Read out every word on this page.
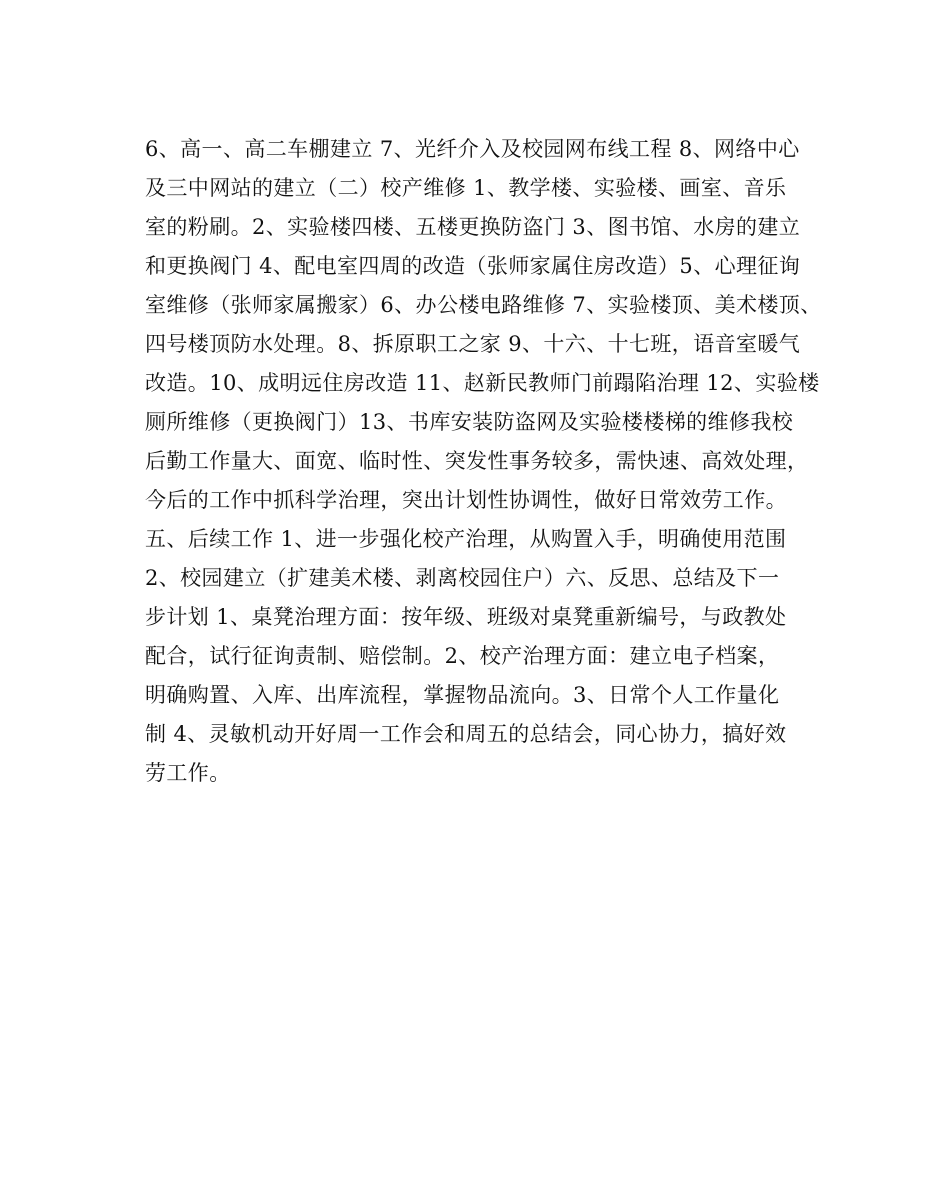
6、高一、高二车棚建立 7、光纤介入及校园网布线工程 8、网络中心
及三中网站的建立（二）校产维修 1、教学楼、实验楼、画室、音乐
室的粉刷。2、实验楼四楼、五楼更换防盗门 3、图书馆、水房的建立
和更换阀门 4、配电室四周的改造（张师家属住房改造）5、心理征询
室维修（张师家属搬家）6、办公楼电路维修 7、实验楼顶、美术楼顶、
四号楼顶防水处理。8、拆原职工之家 9、十六、十七班，语音室暖气
改造。10、成明远住房改造 11、赵新民教师门前蹋陷治理 12、实验楼
厕所维修（更换阀门）13、书库安装防盗网及实验楼楼梯的维修我校
后勤工作量大、面宽、临时性、突发性事务较多，需快速、高效处理，
今后的工作中抓科学治理，突出计划性协调性，做好日常效劳工作。
五、后续工作 1、进一步强化校产治理，从购置入手，明确使用范围
2、校园建立（扩建美术楼、剥离校园住户）六、反思、总结及下一
步计划 1、桌凳治理方面：按年级、班级对桌凳重新编号，与政教处
配合，试行征询责制、赔偿制。2、校产治理方面：建立电子档案，
明确购置、入库、出库流程，掌握物品流向。3、日常个人工作量化
制 4、灵敏机动开好周一工作会和周五的总结会，同心协力，搞好效
劳工作。
